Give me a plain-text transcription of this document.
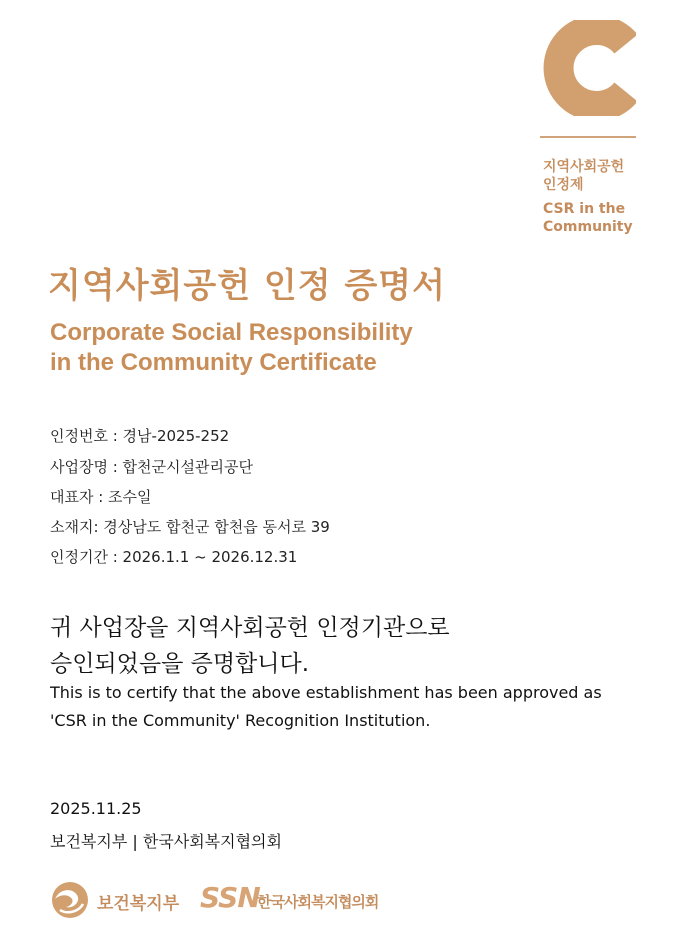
지역사회공헌
인정제
CSR in the
Community
지역사회공헌 인정 증명서
Corporate Social Responsibility
in the Community Certificate
인정번호 : 경남-2025-252
사업장명 : 합천군시설관리공단
대표자 : 조수일
소재지: 경상남도 합천군 합천읍 동서로 39
인정기간 : 2026.1.1 ~ 2026.12.31
귀 사업장을 지역사회공헌 인정기관으로
승인되었음을 증명합니다.
This is to certify that the above establishment has been approved as
'CSR in the Community' Recognition Institution.
2025.11.25
보건복지부 | 한국사회복지협의회
보건복지부 SSN
한국사회복지협의회
